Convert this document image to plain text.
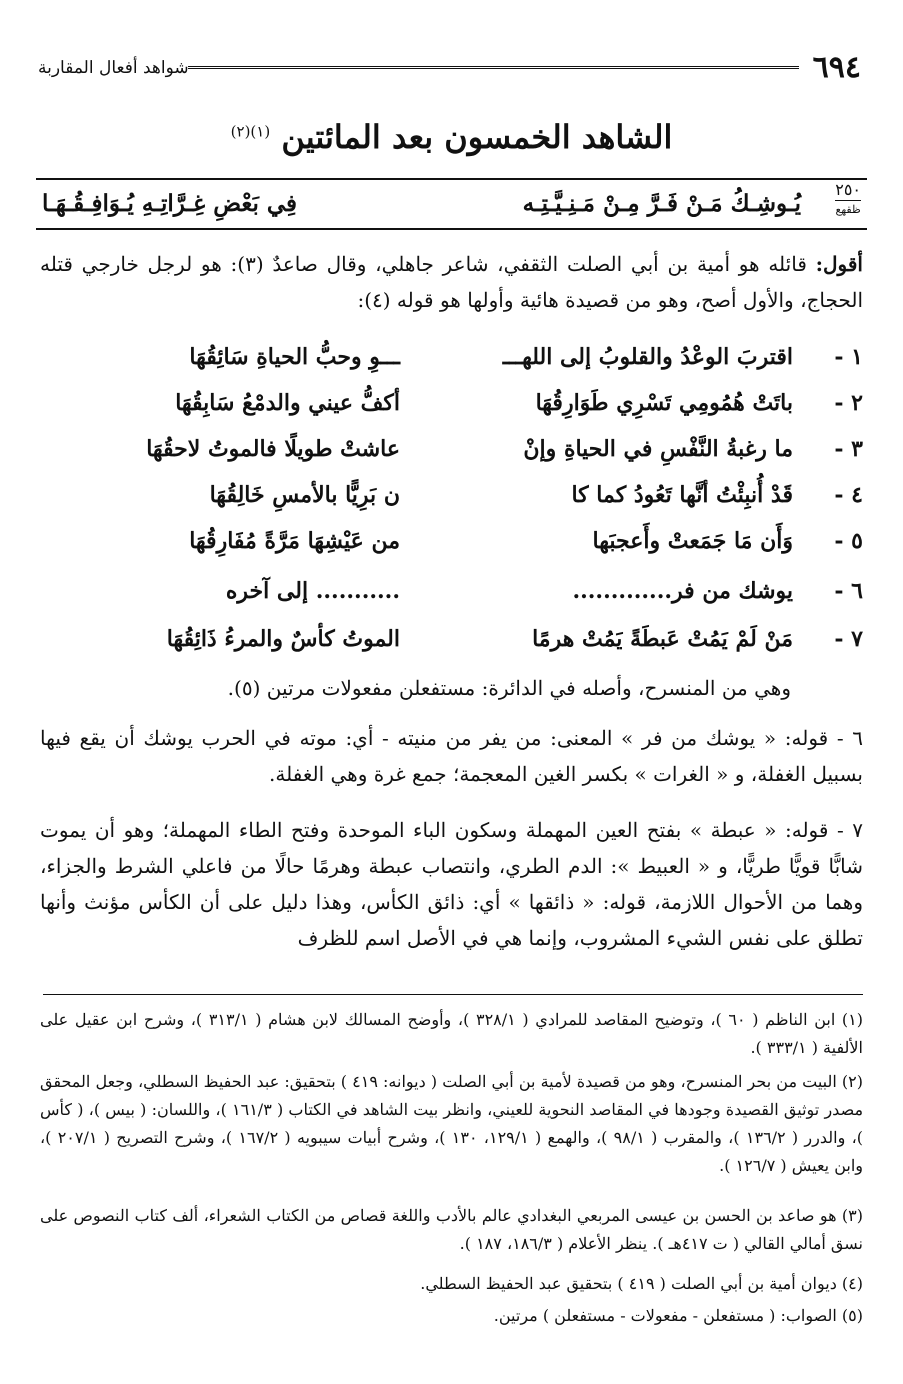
٦٩٤
شواهد أفعال المقاربة
الشاهد الخمسون بعد المائتين $^{(١)(٢)}$
٢٥٠
ظقهع
يُـوشِـكُ مَـنْ فَـرَّ مِـنْ مَـنِـيَّـتِـه
فِي بَعْضِ غِـرَّاتِـهِ يُـوَافِـقُـهَـا
أقول: قائله هو أمية بن أبي الصلت الثقفي، شاعر جاهلي، وقال صاعدٌ (٣): هو لرجل خارجي قتله الحجاج، والأول أصح، وهو من قصيدة هائية وأولها هو قوله (٤):
١ -
اقتربَ الوعْدُ والقلوبُ إلى اللهـــ
ـــوِ وحبُّ الحياةِ سَائِقُهَا
٢ -
باتَتْ هُمُومِي تَسْرِي طَوَارِقُهَا
أكفُّ عيني والدمْعُ سَابِقُهَا
٣ -
ما رغبةُ النَّفْسِ في الحياةِ وإنْ
عاشتْ طويلًا فالموتُ لاحقُهَا
٤ -
قَدْ أُنبِئْتُ أنَّها تَعُودُ كما كا
ن بَرِيًّا بالأمسِ خَالِقُهَا
٥ -
وَأَن مَا جَمَعتْ وأَعجبَها
من عَيْشِهَا مَرَّةً مُفَارِقُهَا
٦ -
يوشك من فر.............
........... إلى آخره
٧ -
مَنْ لَمْ يَمُتْ عَبطَةً يَمُتْ هرمًا
الموتُ كأسٌ والمرءُ ذَائِقُهَا
وهي من المنسرح، وأصله في الدائرة: مستفعلن مفعولات مرتين (٥).
٦ - قوله: « يوشك من فر » المعنى: من يفر من منيته - أي: موته في الحرب يوشك أن يقع فيها بسبيل الغفلة، و « الغرات » بكسر الغين المعجمة؛ جمع غرة وهي الغفلة.
٧ - قوله: « عبطة » بفتح العين المهملة وسكون الباء الموحدة وفتح الطاء المهملة؛ وهو أن يموت شابًّا قويًّا طريًّا، و « العبيط »: الدم الطري، وانتصاب عبطة وهرمًا حالًا من فاعلي الشرط والجزاء، وهما من الأحوال اللازمة، قوله: « ذائقها » أي: ذائق الكأس، وهذا دليل على أن الكأس مؤنث وأنها تطلق على نفس الشيء المشروب، وإنما هي في الأصل اسم للظرف
(١) ابن الناظم ( ٦٠ )، وتوضيح المقاصد للمرادي ( ٣٢٨/١ )، وأوضح المسالك لابن هشام ( ٣١٣/١ )، وشرح ابن عقيل على الألفية ( ٣٣٣/١ ).
(٢) البيت من بحر المنسرح، وهو من قصيدة لأمية بن أبي الصلت ( ديوانه: ٤١٩ ) بتحقيق: عبد الحفيظ السطلي، وجعل المحقق مصدر توثيق القصيدة وجودها في المقاصد النحوية للعيني، وانظر بيت الشاهد في الكتاب ( ١٦١/٣ )، واللسان: ( بيس )، ( كأس )، والدرر ( ١٣٦/٢ )، والمقرب ( ٩٨/١ )، والهمع ( ١٢٩/١، ١٣٠ )، وشرح أبيات سيبويه ( ١٦٧/٢ )، وشرح التصريح ( ٢٠٧/١ )، وابن يعيش ( ١٢٦/٧ ).
(٣) هو صاعد بن الحسن بن عيسى المربعي البغدادي عالم بالأدب واللغة قصاص من الكتاب الشعراء، ألف كتاب النصوص على نسق أمالي القالي ( ت ٤١٧هـ ). ينظر الأعلام ( ١٨٦/٣، ١٨٧ ).
(٤) ديوان أمية بن أبي الصلت ( ٤١٩ ) بتحقيق عبد الحفيظ السطلي.
(٥) الصواب: ( مستفعلن - مفعولات - مستفعلن ) مرتين.
